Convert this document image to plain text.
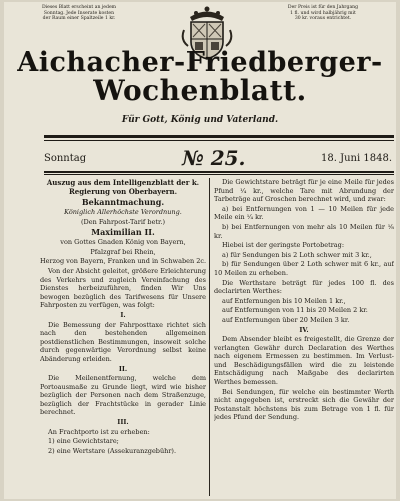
Dieses Blatt erscheint an jedem
Sonntag. Jede Inserate kosten
der Raum einer Spaltzeile 1 kr.
Der Preis ist für den Jahrgang
1 fl. und wird halbjährig mit
30 kr. voraus entrichtet.
Aichacher-Friedberger-
Wochenblatt.
Für Gott, König und Vaterland.
Sonntag	№ 25.	18. Juni 1848.

Auszug aus dem Intelligenzblatt der k. Regierung von Oberbayern.

Bekanntmachung.

Königlich Allerhöchste Verordnung.

(Den Fahrpost-Tarif betr.)

Maximilian II.

von Gottes Gnaden König von Bayern,

Pfalzgraf bei Rhein,

Herzog von Bayern, Franken und in Schwaben 2c.

Von der Absicht geleitet, größere Erleichterung des Verkehrs und zugleich Vereinfachung des Dienstes herbeizuführen, finden Wir Uns bewogen bezüglich des Tarifwesens für Unsere Fahrposten zu verfügen, was folgt:

I.

Die Bemessung der Fahrposttaxe richtet sich nach den bestehenden allgemeinen postdienstlichen Bestimmungen, insoweit solche durch gegenwärtige Verordnung selbst keine Abänderung erleiden.

II.

Die Meilenentfernung, welche dem Portoausmaße zu Grunde liegt, wird wie bisher bezüglich der Personen nach dem Straßenzuge, bezüglich der Frachtstücke in gerader Linie berechnet.

III.

An Frachtporto ist zu erheben:

1) eine Gewichtstare;

2) eine Wertstare (Assekuranzgebühr).

Die Gewichtstare beträgt für je eine Meile für jedes Pfund ¹⁄₄ kr., welche Tare mit Abrundung der Tarbeträge auf Groschen berechnet wird, und zwar:

a) bei Entfernungen von 1 — 10 Meilen für jede Meile ein ¹⁄₄ kr.

b) bei Entfernungen von mehr als 10 Meilen für ¹⁄₈ kr.

Hiebei ist der geringste Portobetrag:

a) für Sendungen bis 2 Loth schwer mit 3 kr.,

b) für Sendungen über 2 Loth schwer mit 6 kr., auf 10 Meilen zu erheben.

Die Werthstare beträgt für jedes 100 fl. des declarirten Werthes:

auf Entfernungen bis 10 Meilen 1 kr.,

auf Entfernungen von 11 bis 20 Meilen 2 kr.

auf Entfernungen über 20 Meilen 3 kr.

IV.

Dem Absender bleibt es freigestellt, die Grenze der verlangten Gewähr durch Declaration des Werthes nach eigenem Ermessen zu bestimmen. Im Verlust- und Beschädigungsfällen wird die zu leistende Entschädigung nach Maßgabe des declarirten Werthes bemessen.

Bei Sendungen, für welche ein bestimmter Werth nicht angegeben ist, erstreckt sich die Gewähr der Postanstalt höchstens bis zum Betrage von 1 fl. für jedes Pfund der Sendung.
